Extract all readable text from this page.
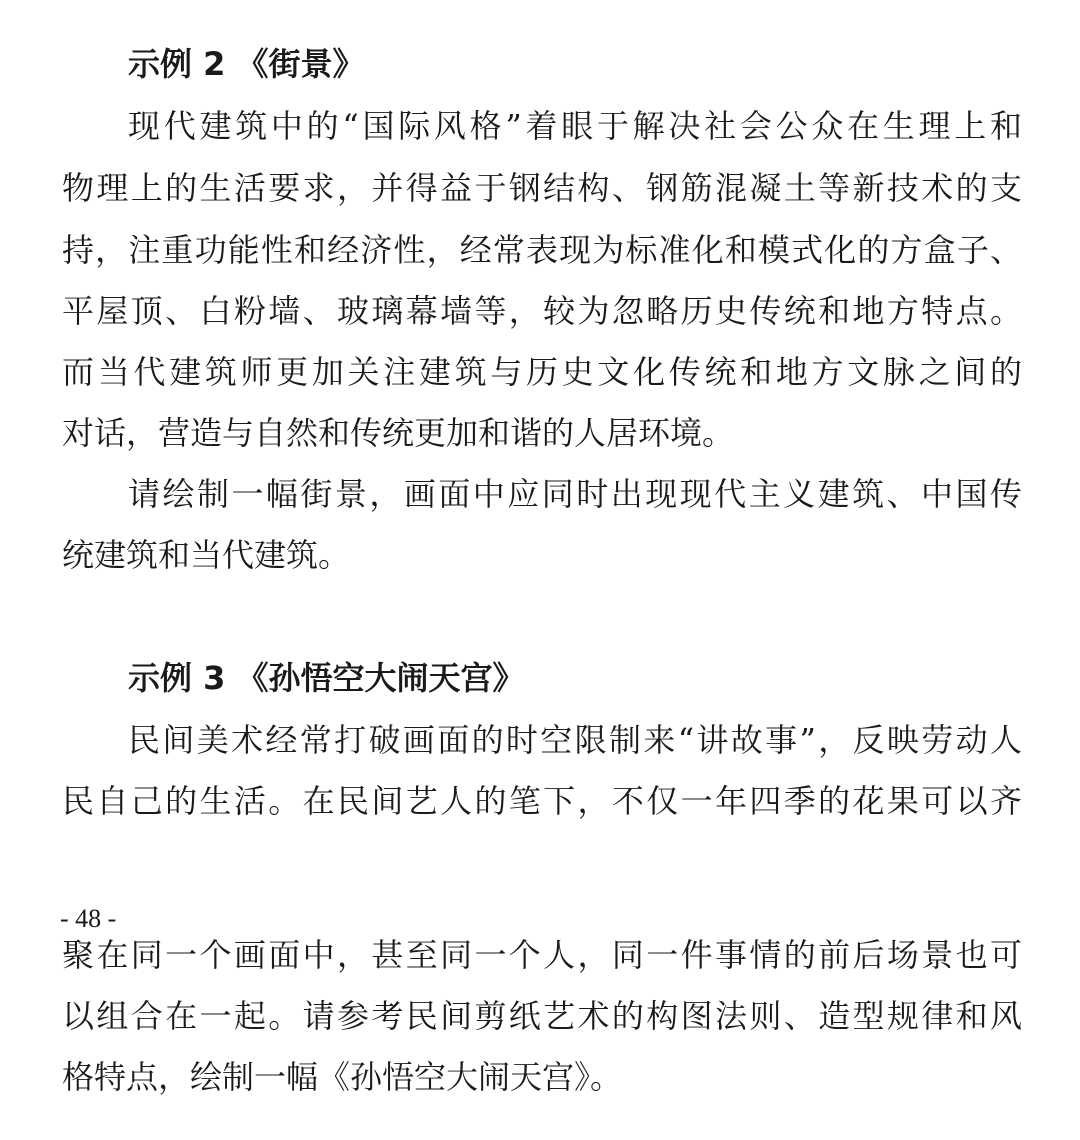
示例 2 《街景》
现代建筑中的“国际风格”着眼于解决社会公众在生理上和
物理上的生活要求，并得益于钢结构、钢筋混凝土等新技术的支
持，注重功能性和经济性，经常表现为标准化和模式化的方盒子、
平屋顶、白粉墙、玻璃幕墙等，较为忽略历史传统和地方特点。
而当代建筑师更加关注建筑与历史文化传统和地方文脉之间的
对话，营造与自然和传统更加和谐的人居环境。
请绘制一幅街景，画面中应同时出现现代主义建筑、中国传
统建筑和当代建筑。
示例 3 《孙悟空大闹天宫》
民间美术经常打破画面的时空限制来“讲故事”，反映劳动人
民自己的生活。在民间艺人的笔下，不仅一年四季的花果可以齐
- 48 -
聚在同一个画面中，甚至同一个人，同一件事情的前后场景也可
以组合在一起。请参考民间剪纸艺术的构图法则、造型规律和风
格特点，绘制一幅《孙悟空大闹天宫》。
